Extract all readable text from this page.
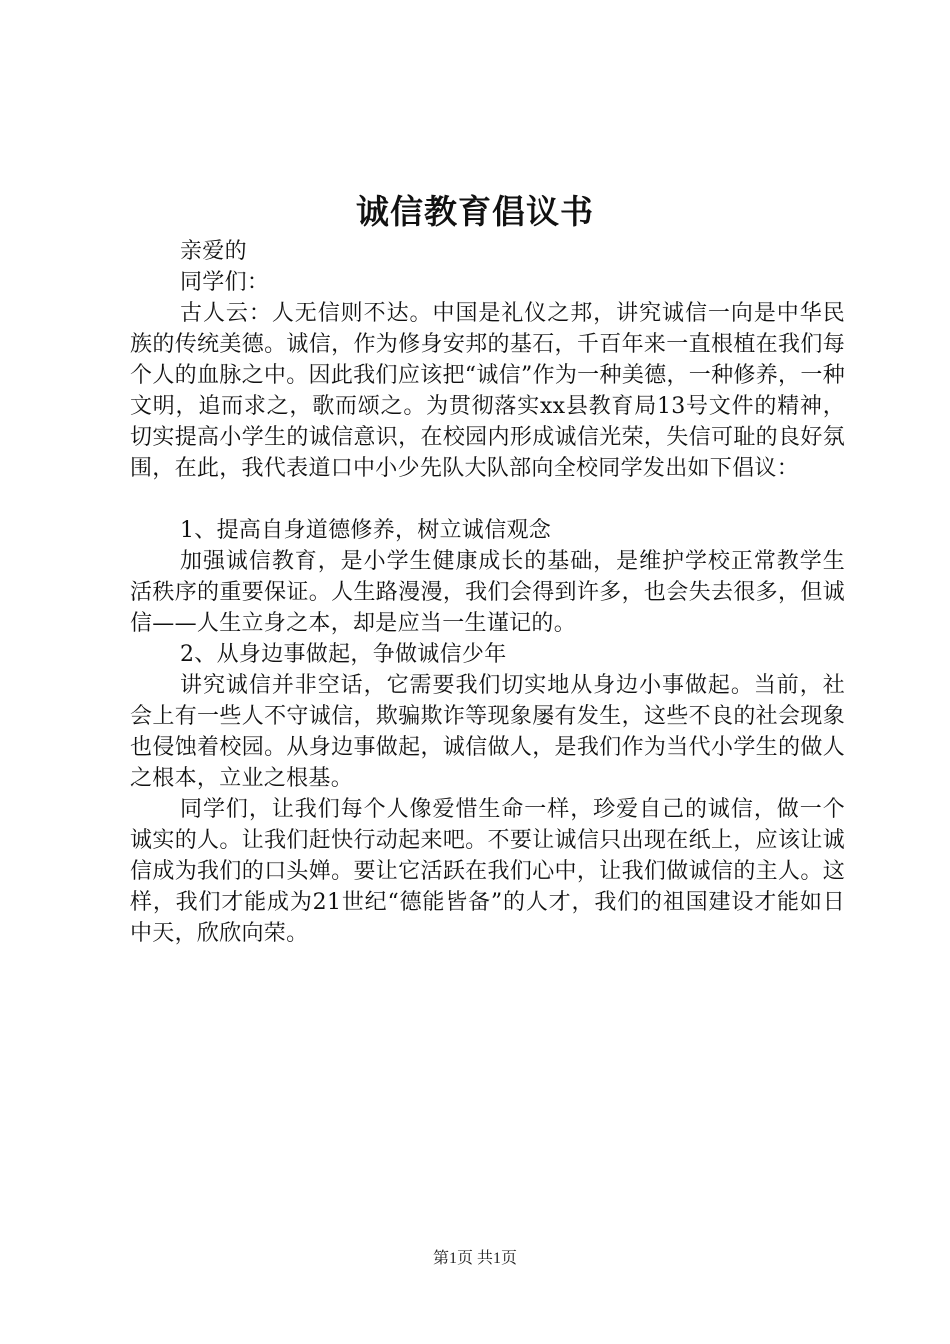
诚信教育倡议书

亲爱的

同学们：

古人云：人无信则不达。中国是礼仪之邦，讲究诚信一向是中华民族的传统美德。诚信，作为修身安邦的基石，千百年来一直根植在我们每个人的血脉之中。因此我们应该把“诚信”作为一种美德，一种修养，一种文明，追而求之，歌而颂之。为贯彻落实xx县教育局13号文件的精神，切实提高小学生的诚信意识，在校园内形成诚信光荣，失信可耻的良好氛围，在此，我代表道口中小少先队大队部向全校同学发出如下倡议：

1、提高自身道德修养，树立诚信观念

加强诚信教育，是小学生健康成长的基础，是维护学校正常教学生活秩序的重要保证。人生路漫漫，我们会得到许多，也会失去很多，但诚信——人生立身之本，却是应当一生谨记的。

2、从身边事做起，争做诚信少年

讲究诚信并非空话，它需要我们切实地从身边小事做起。当前，社会上有一些人不守诚信，欺骗欺诈等现象屡有发生，这些不良的社会现象也侵蚀着校园。从身边事做起，诚信做人，是我们作为当代小学生的做人之根本，立业之根基。

同学们，让我们每个人像爱惜生命一样，珍爱自己的诚信，做一个诚实的人。让我们赶快行动起来吧。不要让诚信只出现在纸上，应该让诚信成为我们的口头婵。要让它活跃在我们心中，让我们做诚信的主人。这样，我们才能成为21世纪“德能皆备”的人才，我们的祖国建设才能如日中天，欣欣向荣。

第1页 共1页
